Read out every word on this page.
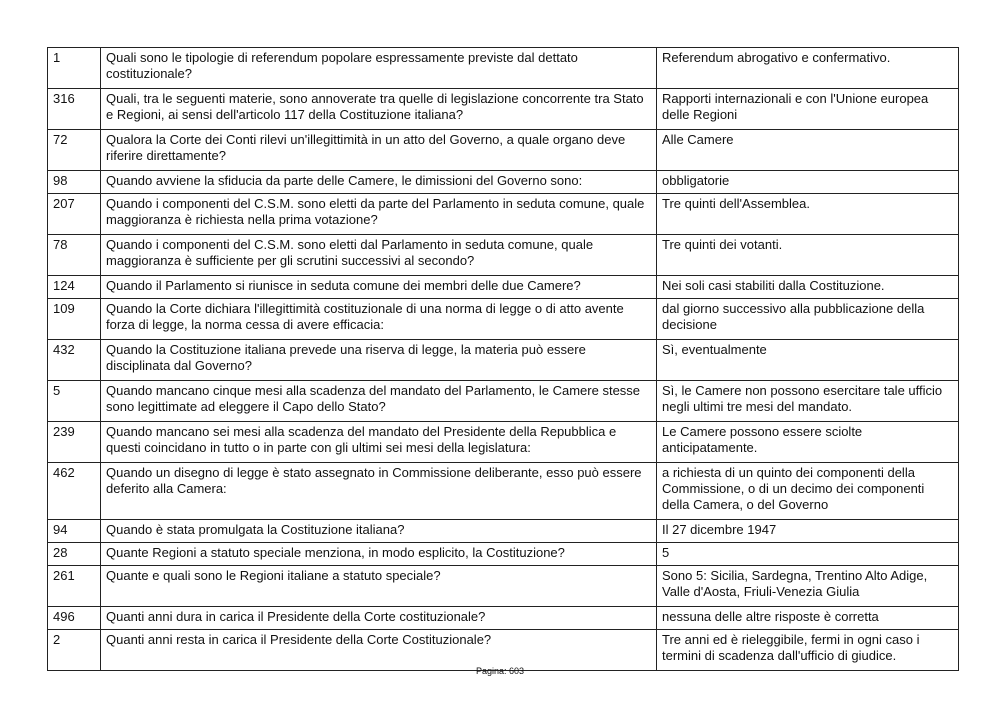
1	Quali sono le tipologie di referendum popolare espressamente previste dal dettato costituzionale?	Referendum abrogativo e confermativo.
316	Quali, tra le seguenti materie, sono annoverate tra quelle di legislazione concorrente tra Stato e Regioni, ai sensi dell'articolo 117 della Costituzione italiana?	Rapporti internazionali e con l'Unione europea delle Regioni
72	Qualora la Corte dei Conti rilevi un'illegittimità in un atto del Governo, a quale organo deve riferire direttamente?	Alle Camere
98	Quando avviene la sfiducia da parte delle Camere, le dimissioni del Governo sono:	obbligatorie
207	Quando i componenti del C.S.M. sono eletti da parte del Parlamento in seduta comune, quale maggioranza è richiesta nella prima votazione?	Tre quinti dell'Assemblea.
78	Quando i componenti del C.S.M. sono eletti dal Parlamento in seduta comune, quale maggioranza è sufficiente per gli scrutini successivi al secondo?	Tre quinti dei votanti.
124	Quando il Parlamento si riunisce in seduta comune dei membri delle due Camere?	Nei soli casi stabiliti dalla Costituzione.
109	Quando la Corte dichiara l'illegittimità costituzionale di una norma di legge o di atto avente forza di legge, la norma cessa di avere efficacia:	dal giorno successivo alla pubblicazione della decisione
432	Quando la Costituzione italiana prevede una riserva di legge, la materia può essere disciplinata dal Governo?	Sì, eventualmente
5	Quando mancano cinque mesi alla scadenza del mandato del Parlamento, le Camere stesse sono legittimate ad eleggere il Capo dello Stato?	Sì, le Camere non possono esercitare tale ufficio negli ultimi tre mesi del mandato.
239	Quando mancano sei mesi alla scadenza del mandato del Presidente della Repubblica e questi coincidano in tutto o in parte con gli ultimi sei mesi della legislatura:	Le Camere possono essere sciolte anticipatamente.
462	Quando un disegno di legge è stato assegnato in Commissione deliberante, esso può essere deferito alla Camera:	a richiesta di un quinto dei componenti della Commissione, o di un decimo dei componenti della Camera, o del Governo
94	Quando è stata promulgata la Costituzione italiana?	Il 27 dicembre 1947
28	Quante Regioni a statuto speciale menziona, in modo esplicito, la Costituzione?	5
261	Quante e quali sono le Regioni italiane a statuto speciale?	Sono 5: Sicilia, Sardegna, Trentino Alto Adige, Valle d'Aosta, Friuli-Venezia Giulia
496	Quanti anni dura in carica il Presidente della Corte costituzionale?	nessuna delle altre risposte è corretta
2	Quanti anni resta in carica il Presidente della Corte Costituzionale?	Tre anni ed è rieleggibile, fermi in ogni caso i termini di scadenza dall'ufficio di giudice.
Pagina: 603
